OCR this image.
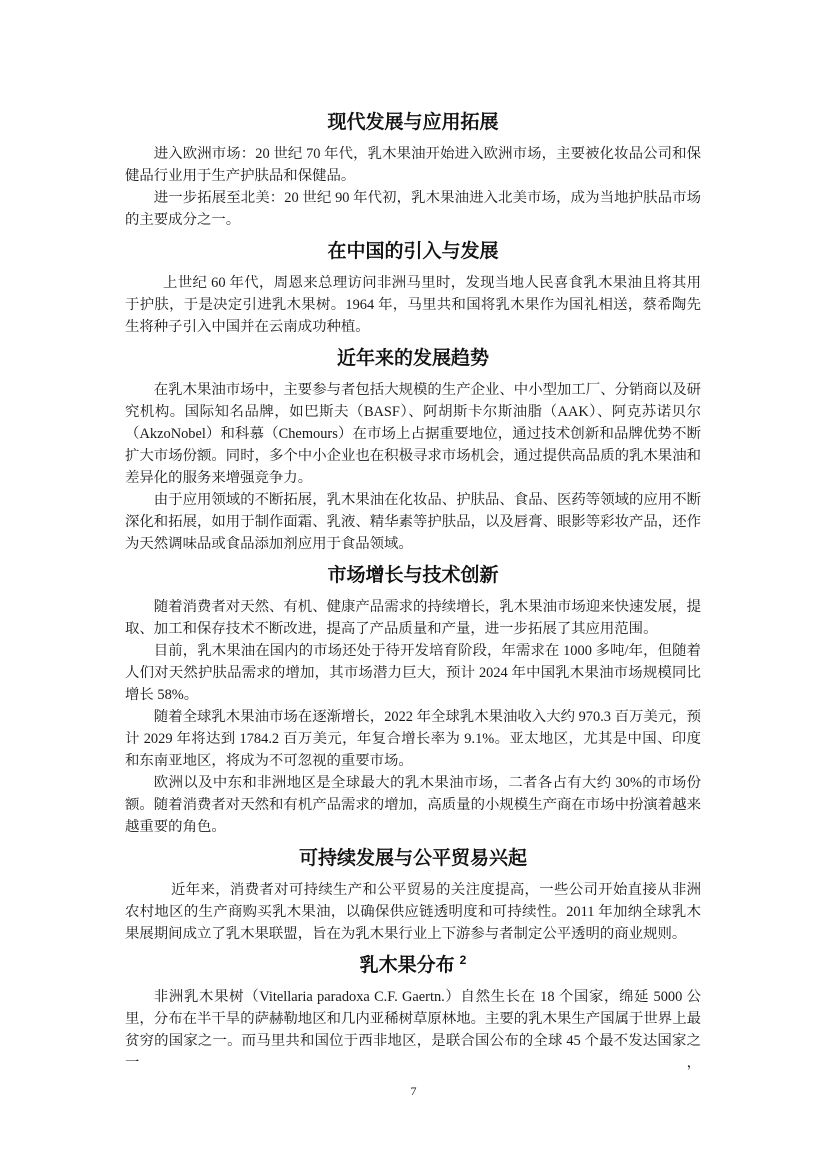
现代发展与应用拓展

进入欧洲市场：20 世纪 70 年代，乳木果油开始进入欧洲市场，主要被化妆品公司和保健品行业用于生产护肤品和保健品。

进一步拓展至北美：20 世纪 90 年代初，乳木果油进入北美市场，成为当地护肤品市场的主要成分之一。

在中国的引入与发展

上世纪 60 年代，周恩来总理访问非洲马里时，发现当地人民喜食乳木果油且将其用于护肤，于是决定引进乳木果树。1964 年，马里共和国将乳木果作为国礼相送，蔡希陶先生将种子引入中国并在云南成功种植。

近年来的发展趋势

在乳木果油市场中，主要参与者包括大规模的生产企业、中小型加工厂、分销商以及研究机构。国际知名品牌，如巴斯夫（BASF）、阿胡斯卡尔斯油脂（AAK）、阿克苏诺贝尔（AkzoNobel）和科慕（Chemours）在市场上占据重要地位，通过技术创新和品牌优势不断扩大市场份额。同时，多个中小企业也在积极寻求市场机会，通过提供高品质的乳木果油和差异化的服务来增强竞争力。

由于应用领域的不断拓展，乳木果油在化妆品、护肤品、食品、医药等领域的应用不断深化和拓展，如用于制作面霜、乳液、精华素等护肤品，以及唇膏、眼影等彩妆产品，还作为天然调味品或食品添加剂应用于食品领域。

市场增长与技术创新

随着消费者对天然、有机、健康产品需求的持续增长，乳木果油市场迎来快速发展，提取、加工和保存技术不断改进，提高了产品质量和产量，进一步拓展了其应用范围。

目前，乳木果油在国内的市场还处于待开发培育阶段，年需求在 1000 多吨/年，但随着人们对天然护肤品需求的增加，其市场潜力巨大，预计 2024 年中国乳木果油市场规模同比增长 58%。

随着全球乳木果油市场在逐渐增长，2022 年全球乳木果油收入大约 970.3 百万美元，预计 2029 年将达到 1784.2 百万美元，年复合增长率为 9.1%。亚太地区，尤其是中国、印度和东南亚地区，将成为不可忽视的重要市场。

欧洲以及中东和非洲地区是全球最大的乳木果油市场，二者各占有大约 30%的市场份额。随着消费者对天然和有机产品需求的增加，高质量的小规模生产商在市场中扮演着越来越重要的角色。

可持续发展与公平贸易兴起

近年来，消费者对可持续生产和公平贸易的关注度提高，一些公司开始直接从非洲农村地区的生产商购买乳木果油，以确保供应链透明度和可持续性。2011 年加纳全球乳木果展期间成立了乳木果联盟，旨在为乳木果行业上下游参与者制定公平透明的商业规则。

乳木果分布 $^2$

非洲乳木果树（Vitellaria paradoxa C.F. Gaertn.）自然生长在 18 个国家，绵延 5000 公里，分布在半干旱的萨赫勒地区和几内亚稀树草原林地。主要的乳木果生产国属于世界上最贫穷的国家之一。而马里共和国位于西非地区，是联合国公布的全球 45 个最不发达国家之一，

7
